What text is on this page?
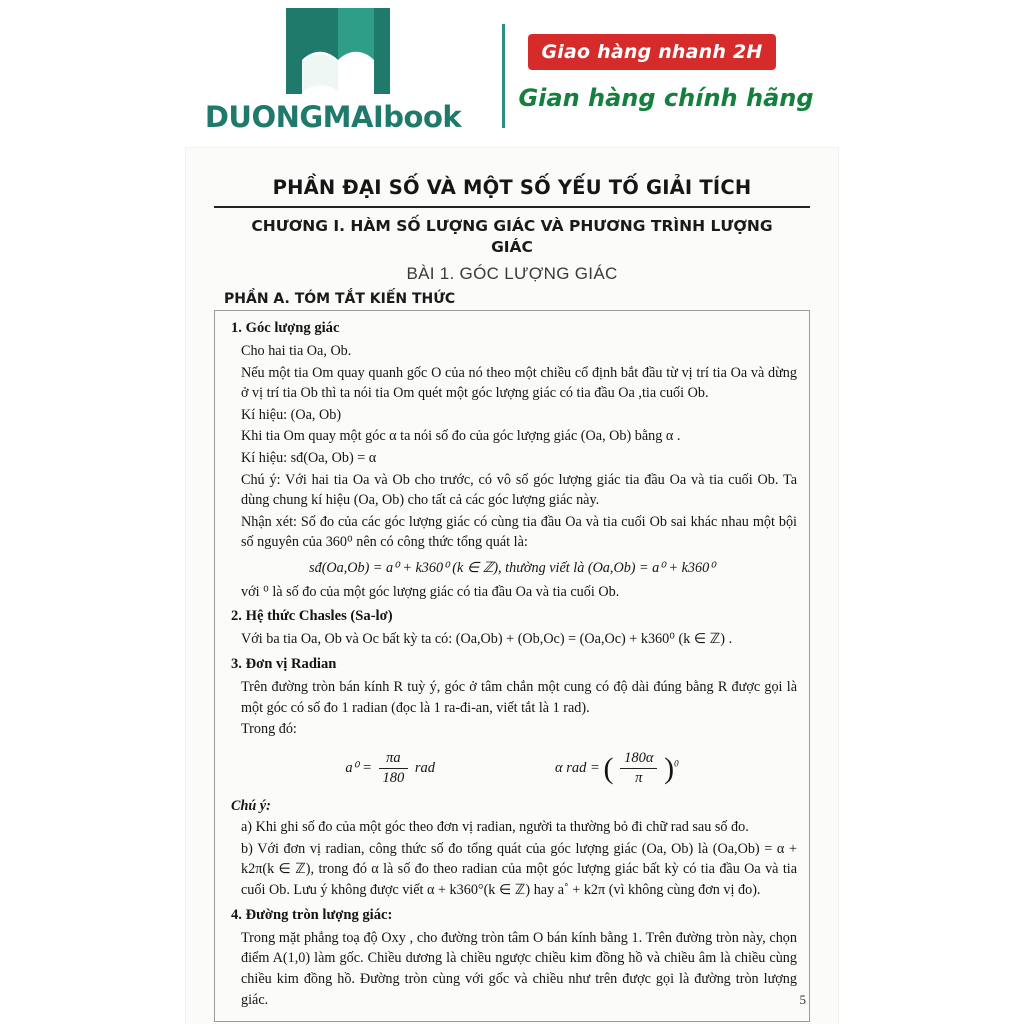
DUONGMAIbook
Giao hàng nhanh 2H
Gian hàng chính hãng
PHẦN ĐẠI SỐ VÀ MỘT SỐ YẾU TỐ GIẢI TÍCH
CHƯƠNG I. HÀM SỐ LƯỢNG GIÁC VÀ PHƯƠNG TRÌNH LƯỢNG GIÁC
BÀI 1. GÓC LƯỢNG GIÁC
PHẦN A. TÓM TẮT KIẾN THỨC
1. Góc lượng giác
Cho hai tia Oa, Ob.
Nếu một tia Om quay quanh gốc O của nó theo một chiều cố định bắt đầu từ vị trí tia Oa và dừng ở vị trí tia Ob thì ta nói tia Om quét một góc lượng giác có tia đầu Oa ,tia cuối Ob.
Kí hiệu: (Oa, Ob)
Khi tia Om quay một góc α ta nói số đo của góc lượng giác (Oa, Ob) bằng α .
Kí hiệu: sđ(Oa, Ob) = α
Chú ý: Với hai tia Oa và Ob cho trước, có vô số góc lượng giác tia đầu Oa và tia cuối Ob. Ta dùng chung kí hiệu (Oa, Ob) cho tất cả các góc lượng giác này.
Nhận xét: Số đo của các góc lượng giác có cùng tia đầu Oa và tia cuối Ob sai khác nhau một bội số nguyên của 360⁰ nên có công thức tổng quát là:
sđ(Oa,Ob) = a⁰ + k360⁰ (k ∈ ℤ), thường viết là (Oa,Ob) = a⁰ + k360⁰
với ⁰ là số đo của một góc lượng giác có tia đầu Oa và tia cuối Ob.
2. Hệ thức Chasles (Sa-lơ)
Với ba tia Oa, Ob và Oc bất kỳ ta có: (Oa,Ob) + (Ob,Oc) = (Oa,Oc) + k360⁰ (k ∈ ℤ) .
3. Đơn vị Radian
Trên đường tròn bán kính R tuỳ ý, góc ở tâm chắn một cung có độ dài đúng bằng R được gọi là một góc có số đo 1 radian (đọc là 1 ra-đi-an, viết tắt là 1 rad).
Trong đó:
$a^0 = \frac{\pi a}{180}$ rad	α rad = ( $\frac{180\alpha}{\pi} )^0$
Chú ý:
a) Khi ghi số đo của một góc theo đơn vị radian, người ta thường bỏ đi chữ rad sau số đo.
b) Với đơn vị radian, công thức số đo tổng quát của góc lượng giác (Oa, Ob) là (Oa,Ob) = α + k2π(k ∈ ℤ), trong đó α là số đo theo radian của một góc lượng giác bất kỳ có tia đầu Oa và tia cuối Ob. Lưu ý không được viết α + k360°(k ∈ ℤ) hay a˚ + k2π (vì không cùng đơn vị đo).
4. Đường tròn lượng giác:
Trong mặt phẳng toạ độ Oxy , cho đường tròn tâm O bán kính bằng 1. Trên đường tròn này, chọn điểm A(1,0) làm gốc. Chiều dương là chiều ngược chiều kim đồng hồ và chiều âm là chiều cùng chiều kim đồng hồ. Đường tròn cùng với gốc và chiều như trên được gọi là đường tròn lượng giác.	5
